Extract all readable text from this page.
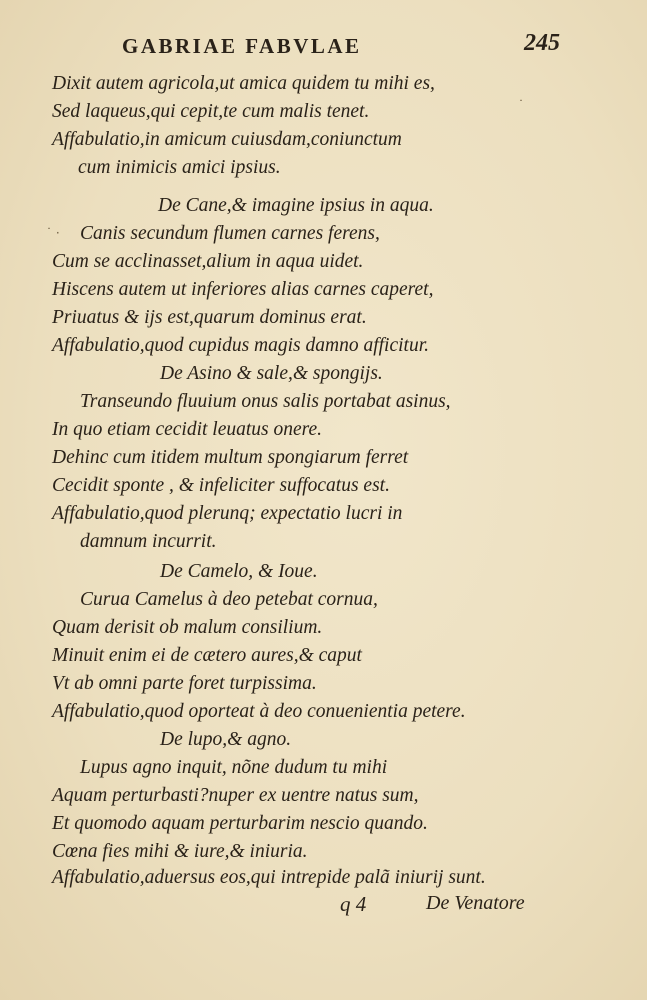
GABRIAE FABVLAE	245
Dixit autem agricola,ut amica quidem tu mihi es,
Sed laqueus,qui cepit,te cum malis tenet.
Affabulatio,in amicum cuiusdam,coniunctum
cum inimicis amici ipsius.
De Cane,& imagine ipsius in aqua.
Canis secundum flumen carnes ferens,
Cum se acclinasset,alium in aqua uidet.
Hiscens autem ut inferiores alias carnes caperet,
Priuatus & ijs est,quarum dominus erat.
Affabulatio,quod cupidus magis damno afficitur.
De Asino & sale,& spongijs.
Transeundo fluuium onus salis portabat asinus,
In quo etiam cecidit leuatus onere.
Dehinc cum itidem multum spongiarum ferret
Cecidit sponte , & infeliciter suffocatus est.
Affabulatio,quod plerunq; expectatio lucri in
damnum incurrit.
De Camelo, & Ioue.
Curua Camelus à deo petebat cornua,
Quam derisit ob malum consilium.
Minuit enim ei de cætero aures,& caput
Vt ab omni parte foret turpissima.
Affabulatio,quod oporteat à deo conuenientia petere.
De lupo,& agno.
Lupus agno inquit, nõne dudum tu mihi
Aquam perturbasti?nuper ex uentre natus sum,
Et quomodo aquam perturbarim nescio quando.
Cœna fies mihi & iure,& iniuria.
Affabulatio,aduersus eos,qui intrepide palã iniurij sunt.
q 4	De Venatore
˙
˙ ·
